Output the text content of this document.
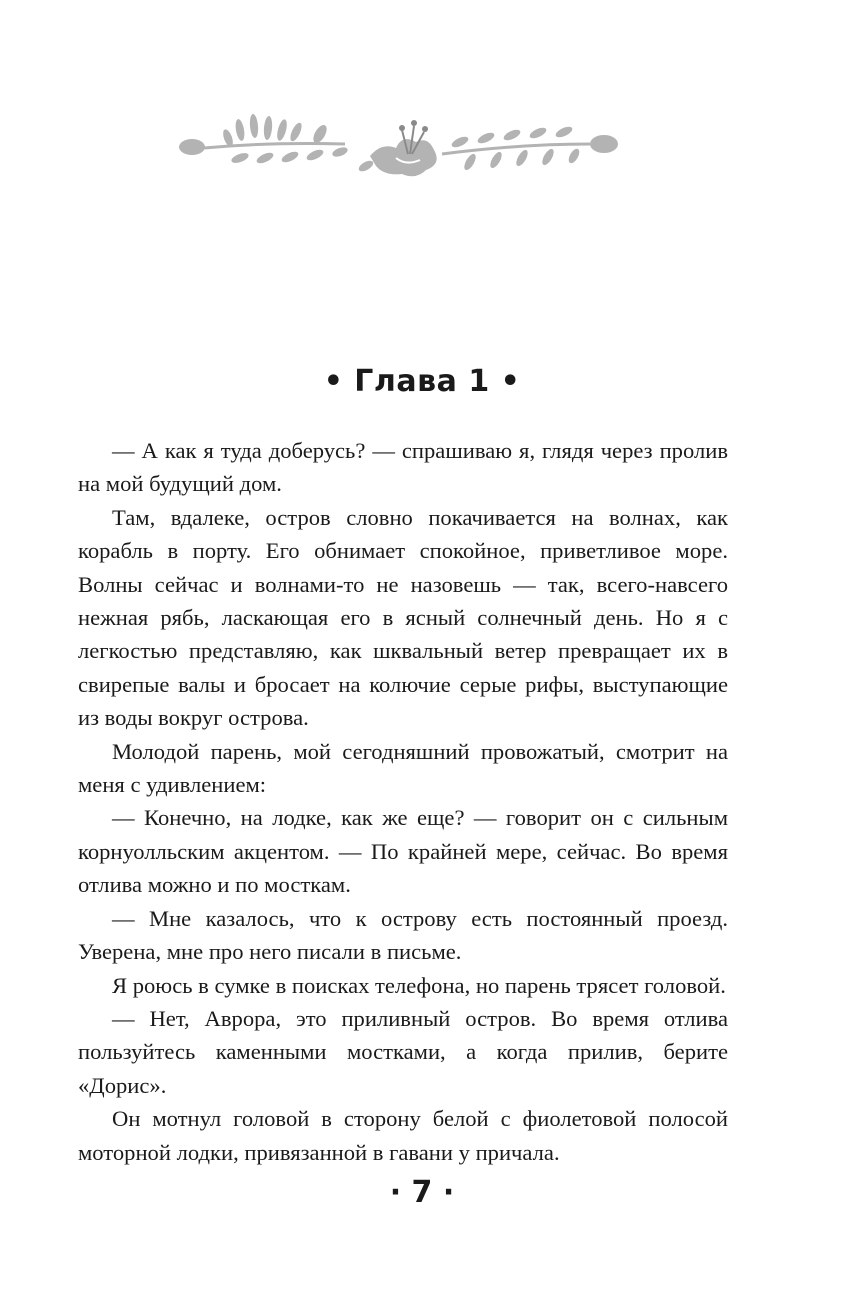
• Глава 1 •

— А как я туда доберусь? — спрашиваю я, глядя через пролив на мой будущий дом.

Там, вдалеке, остров словно покачивается на волнах, как корабль в порту. Его обнимает спокойное, приветливое море. Волны сейчас и волнами-то не назовешь — так, всего-навсего нежная рябь, ласкающая его в ясный солнечный день. Но я с легкостью представляю, как шквальный ветер превращает их в свирепые валы и бросает на колючие серые рифы, выступающие из воды вокруг острова.

Молодой парень, мой сегодняшний провожатый, смотрит на меня с удивлением:

— Конечно, на лодке, как же еще? — говорит он с сильным корнуолльским акцентом. — По крайней мере, сейчас. Во время отлива можно и по мосткам.

— Мне казалось, что к острову есть постоянный проезд. Уверена, мне про него писали в письме.

Я роюсь в сумке в поисках телефона, но парень трясет головой.

— Нет, Аврора, это приливный остров. Во время отлива пользуйтесь каменными мостками, а когда прилив, берите «Дорис».

Он мотнул головой в сторону белой с фиолетовой полосой моторной лодки, привязанной в гавани у причала.

· 7 ·
